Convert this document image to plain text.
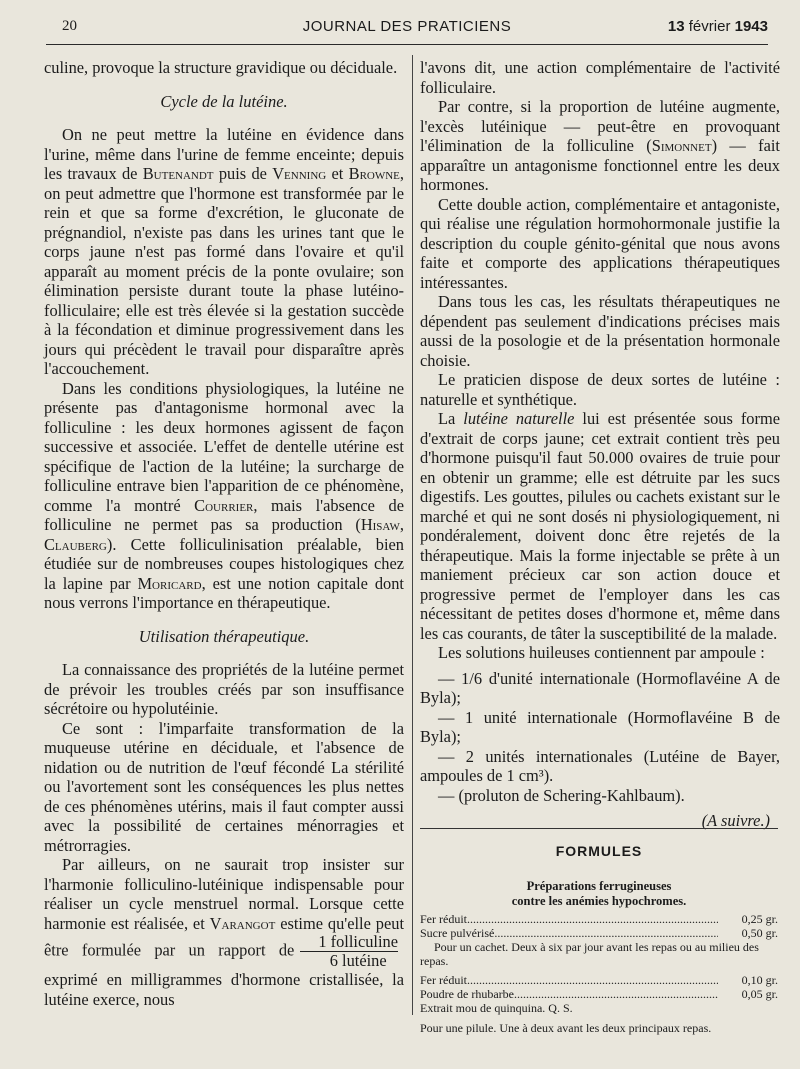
20	JOURNAL DES PRATICIENS	13 février 1943

culine, provoque la structure gravidique ou déciduale.

Cycle de la lutéine.

On ne peut mettre la lutéine en évidence dans l'urine, même dans l'urine de femme enceinte; depuis les travaux de Butenandt puis de Venning et Browne, on peut admettre que l'hormone est transformée par le rein et que sa forme d'excrétion, le gluconate de prégnandiol, n'existe pas dans les urines tant que le corps jaune n'est pas formé dans l'ovaire et qu'il apparaît au moment précis de la ponte ovulaire; son élimination persiste durant toute la phase lutéino-folliculaire; elle est très élevée si la gestation succède à la fécondation et diminue progressivement dans les jours qui précèdent le travail pour disparaître après l'accouchement.

Dans les conditions physiologiques, la lutéine ne présente pas d'antagonisme hormonal avec la folliculine : les deux hormones agissent de façon successive et associée. L'effet de dentelle utérine est spécifique de l'action de la lutéine; la surcharge de folliculine entrave bien l'apparition de ce phénomène, comme l'a montré Courrier, mais l'absence de folliculine ne permet pas sa production (Hisaw, Clauberg). Cette folliculinisation préalable, bien étudiée sur de nombreuses coupes histologiques chez la lapine par Moricard, est une notion capitale dont nous verrons l'importance en thérapeutique.

Utilisation thérapeutique.

La connaissance des propriétés de la lutéine permet de prévoir les troubles créés par son insuffisance sécrétoire ou hypolutéinie.

Ce sont : l'imparfaite transformation de la muqueuse utérine en déciduale, et l'absence de nidation ou de nutrition de l'œuf fécondé La stérilité ou l'avortement sont les conséquences les plus nettes de ces phénomènes utérins, mais il faut compter aussi avec la possibilité de certaines ménorragies et métrorragies.

Par ailleurs, on ne saurait trop insister sur l'harmonie folliculino-lutéinique indispensable pour réaliser un cycle menstruel normal. Lorsque cette harmonie est réalisée, et Varangot estime qu'elle peut être formulée par un rapport de $\frac{\text{1 folliculine}}{\text{6 lutéine}}$
exprimé en milligrammes d'hormone cristallisée, la lutéine exerce, nous

l'avons dit, une action complémentaire de l'activité folliculaire.

Par contre, si la proportion de lutéine augmente, l'excès lutéinique — peut-être en provoquant l'élimination de la folliculine (Simonnet) — fait apparaître un antagonisme fonctionnel entre les deux hormones.

Cette double action, complémentaire et antagoniste, qui réalise une régulation hormohormonale justifie la description du couple génito-génital que nous avons faite et comporte des applications thérapeutiques intéressantes.

Dans tous les cas, les résultats thérapeutiques ne dépendent pas seulement d'indications précises mais aussi de la posologie et de la présentation hormonale choisie.

Le praticien dispose de deux sortes de lutéine : naturelle et synthétique.

La lutéine naturelle lui est présentée sous forme d'extrait de corps jaune; cet extrait contient très peu d'hormone puisqu'il faut 50.000 ovaires de truie pour en obtenir un gramme; elle est détruite par les sucs digestifs. Les gouttes, pilules ou cachets existant sur le marché et qui ne sont dosés ni physiologiquement, ni pondéralement, doivent donc être rejetés de la thérapeutique. Mais la forme injectable se prête à un maniement précieux car son action douce et progressive permet de l'employer dans les cas nécessitant de petites doses d'hormone et, même dans les cas courants, de tâter la susceptibilité de la malade.

Les solutions huileuses contiennent par ampoule :

— 1/6 d'unité internationale (Hormoflavéine A de Byla);

— 1 unité internationale (Hormoflavéine B de Byla);

— 2 unités internationales (Lutéine de Bayer, ampoules de 1 cm³).

— (proluton de Schering-Kahlbaum).

(A suivre.)

FORMULES
Préparations ferrugineuses
contre les anémies hypochromes.
Fer réduit .....	0,25 gr.
Sucre pulvérisé .....	0,50 gr.

Pour un cachet. Deux à six par jour avant les repas ou au milieu des repas.

Fer réduit .....	0,10 gr.
Poudre de rhubarbe .....	0,05 gr.

Extrait mou de quinquina. Q. S.

Pour une pilule. Une à deux avant les deux principaux repas.
